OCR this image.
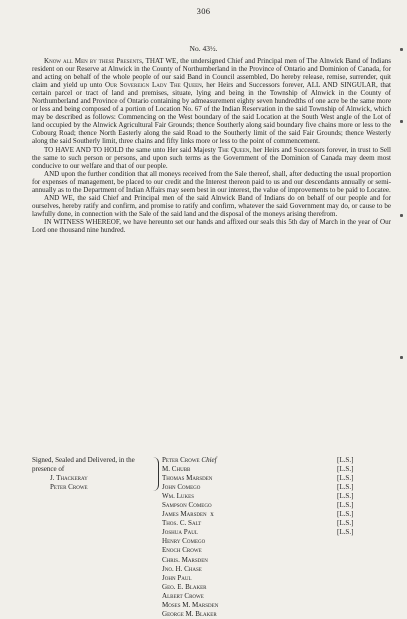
306
No. 43½.

Know all Men by these Presents, THAT WE, the undersigned Chief and Principal men of The Alnwick Band of Indians resident on our Reserve at Alnwick in the County of Northumberland in the Province of Ontario and Dominion of Canada, for and acting on behalf of the whole people of our said Band in Council assembled, Do hereby release, remise, surrender, quit claim and yield up unto Our Sovereign Lady The Queen, her Heirs and Successors forever, ALL AND SINGULAR, that certain parcel or tract of land and premises, situate, lying and being in the Township of Alnwick in the County of Northumberland and Province of Ontario containing by admeasurement eighty seven hundredths of one acre be the same more or less and being composed of a portion of Location No. 67 of the Indian Reservation in the said Township of Alnwick, which may be described as follows: Commencing on the West boundary of the said Location at the South West angle of the Lot of land occupied by the Alnwick Agricultural Fair Grounds; thence Southerly along said boundary five chains more or less to the Cobourg Road; thence North Easterly along the said Road to the Southerly limit of the said Fair Grounds; thence Westerly along the said Southerly limit, three chains and fifty links more or less to the point of commencement.

TO HAVE AND TO HOLD the same unto Her said Majesty The Queen, her Heirs and Successors forever, in trust to Sell the same to such person or persons, and upon such terms as the Government of the Dominion of Canada may deem most conducive to our welfare and that of our people.

AND upon the further condition that all moneys received from the Sale thereof, shall, after deducting the usual proportion for expenses of management, be placed to our credit and the Interest thereon paid to us and our descendants annually or semi-annually as to the Department of Indian Affairs may seem best in our interest, the value of improvements to be paid to Locatee.

AND WE, the said Chief and Principal men of the said Alnwick Band of Indians do on behalf of our people and for ourselves, hereby ratify and confirm, and promise to ratify and confirm, whatever the said Government may do, or cause to be lawfully done, in connection with the Sale of the said land and the disposal of the moneys arising therefrom.

IN WITNESS WHEREOF, we have hereunto set our hands and affixed our seals this 5th day of March in the year of Our Lord one thousand nine hundred.

Signed, Sealed and Delivered, in the presence of
J. Thackeray
Peter Crowe
Peter Crowe Chief
M. Chubb
Thomas Marsden
John Comego
Wm. Lukes
Sampson Comego
James Marsden x
Thos. C. Salt
Joshua Paul
Henry Comego
Enoch Crowe
Chris. Marsden
Jno. H. Chase
John Paul
Geo. E. Blaker
Albert Crowe
Moses M. Marsden
George M. Blaker
[L.S.]
[L.S.]
[L.S.]
[L.S.]
[L.S.]
[L.S.]
[L.S.]
[L.S.]
[L.S.]
